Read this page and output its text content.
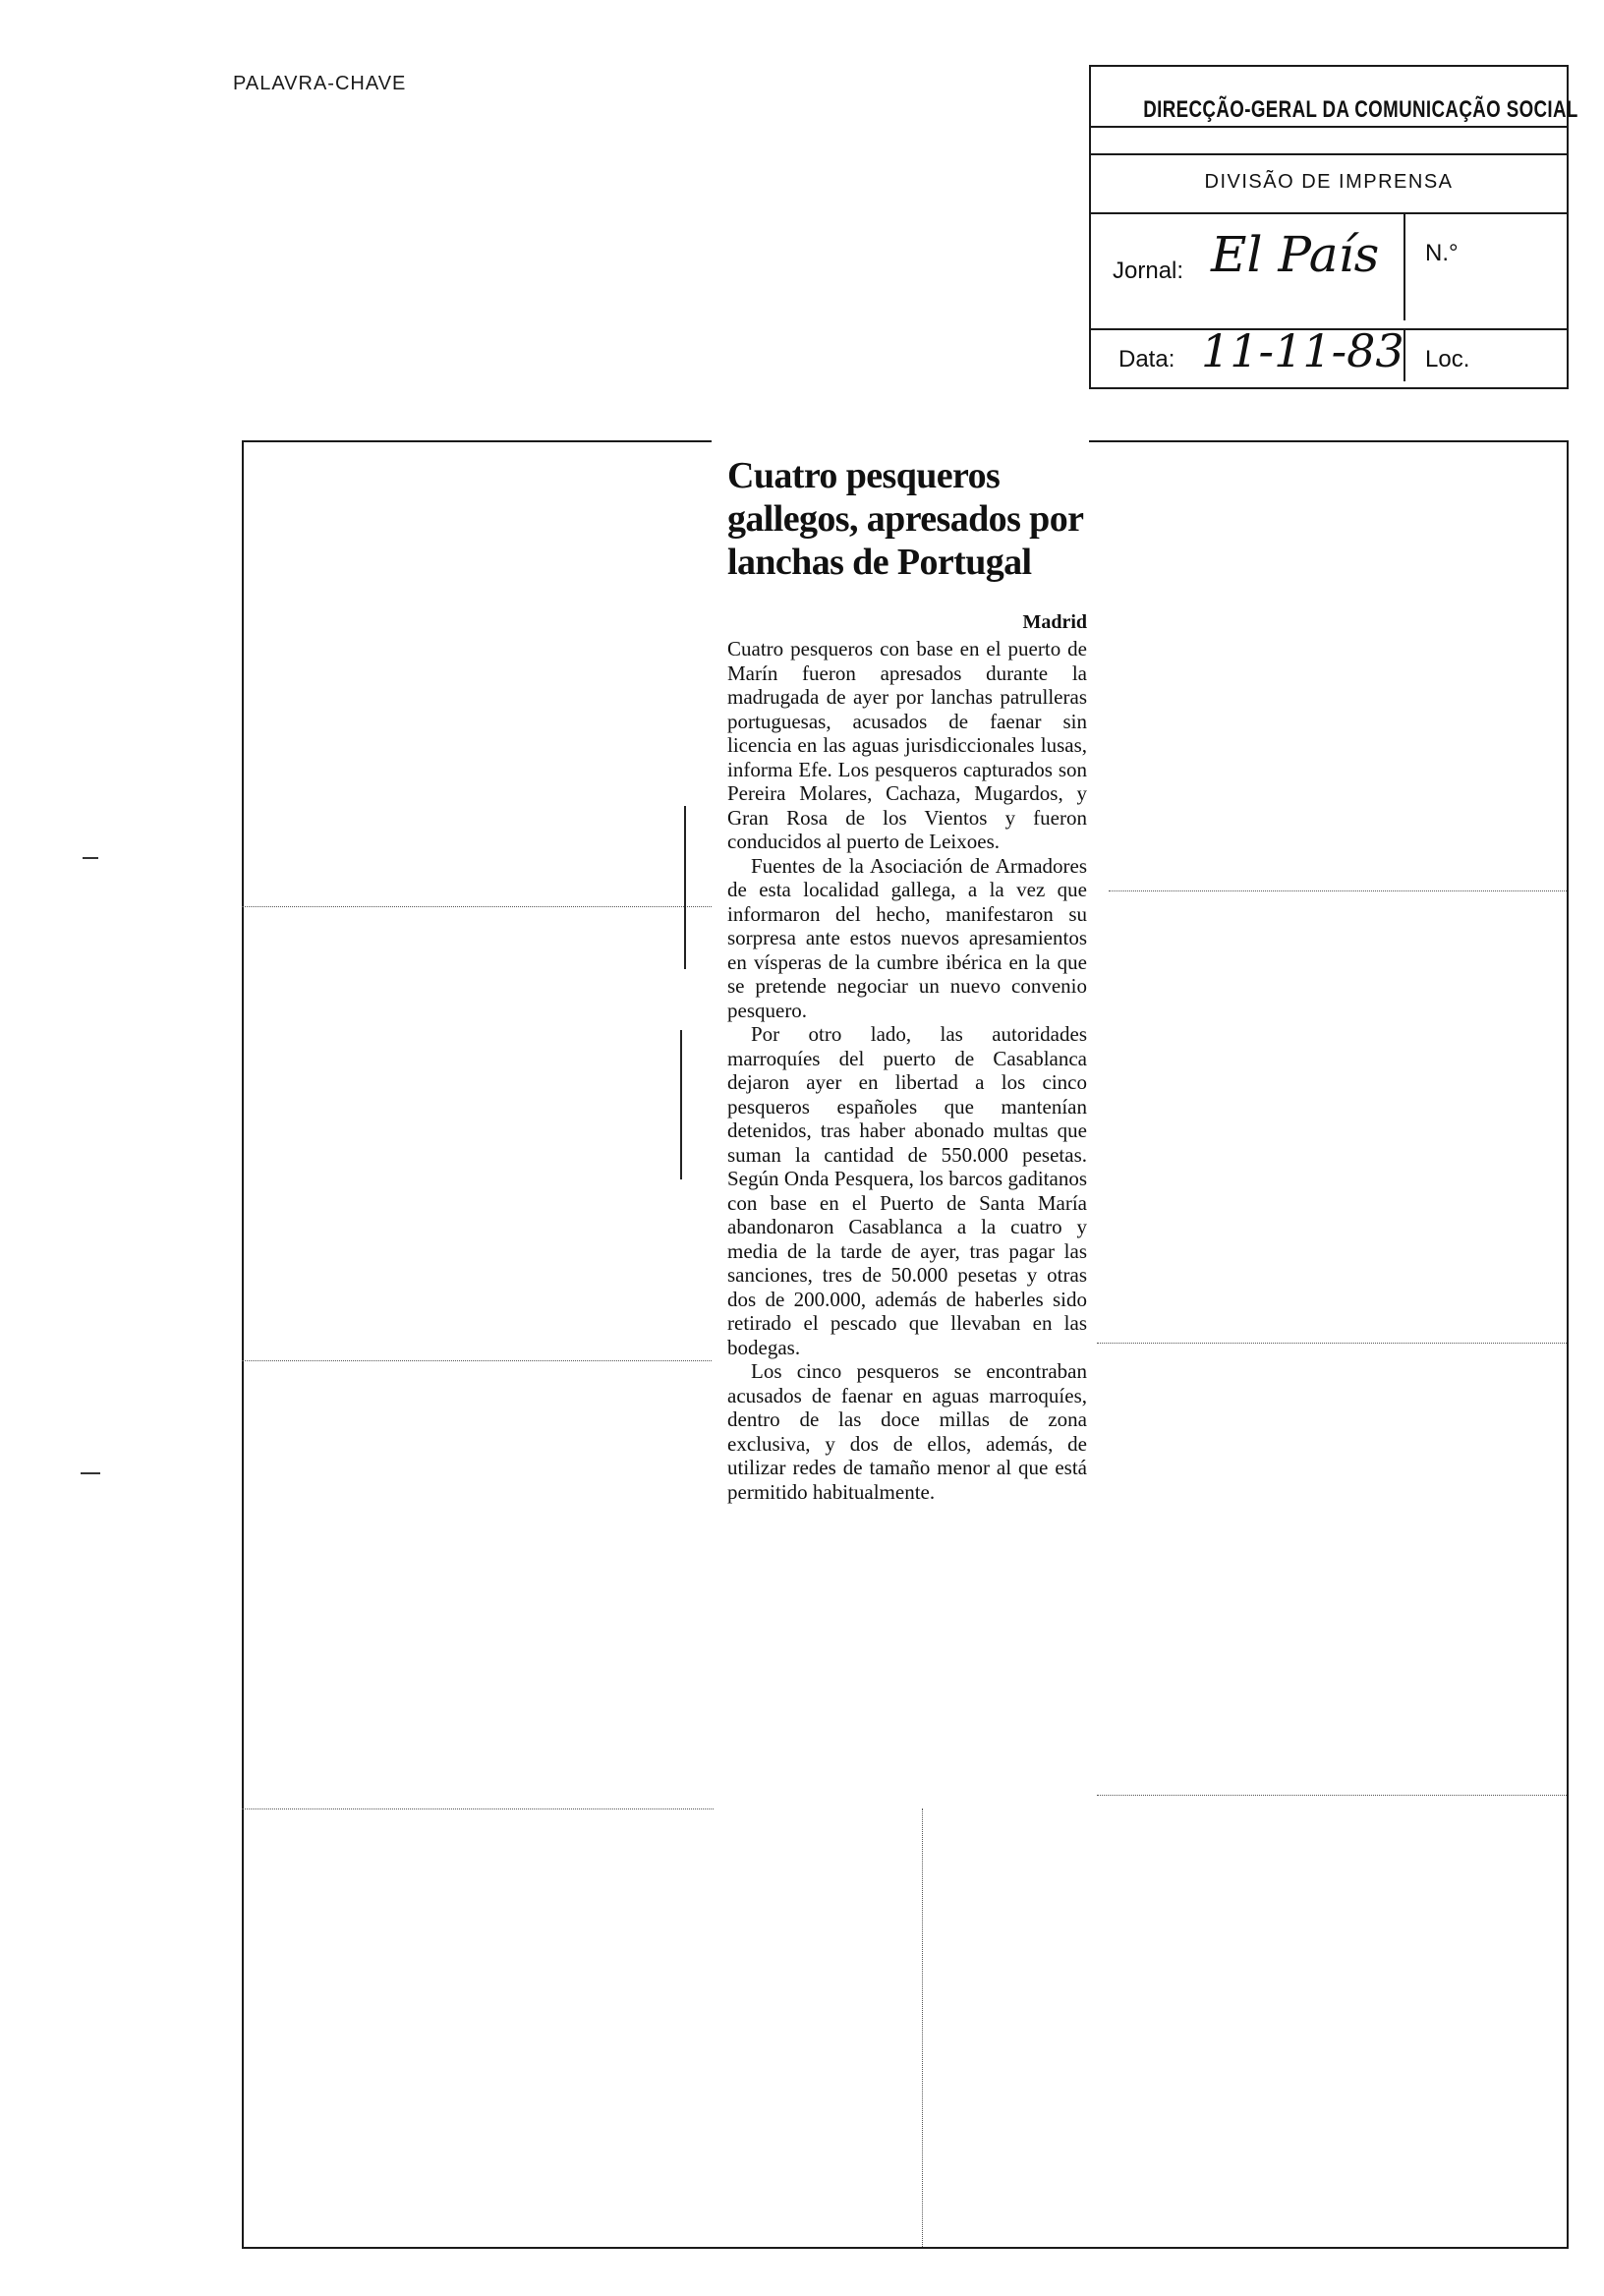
PALAVRA-CHAVE
DIRECÇÃO-GERAL DA COMUNICAÇÃO SOCIAL
DIVISÃO DE IMPRENSA
Jornal: El País N.°
Data: 11-11-83 Loc.
Cuatro pesqueros gallegos, apresados por lanchas de Portugal
Madrid

Cuatro pesqueros con base en el puerto de Marín fueron apresados durante la madrugada de ayer por lanchas patrulleras portuguesas, acusados de faenar sin licencia en las aguas jurisdiccionales lusas, informa Efe. Los pesqueros capturados son Pereira Molares, Cachaza, Mugardos, y Gran Rosa de los Vientos y fueron conducidos al puerto de Leixoes.

Fuentes de la Asociación de Armadores de esta localidad gallega, a la vez que informaron del hecho, manifestaron su sorpresa ante estos nuevos apresamientos en vísperas de la cumbre ibérica en la que se pretende negociar un nuevo convenio pesquero.

Por otro lado, las autoridades marroquíes del puerto de Casablanca dejaron ayer en libertad a los cinco pesqueros españoles que mantenían detenidos, tras haber abonado multas que suman la cantidad de 550.000 pesetas. Según Onda Pesquera, los barcos gaditanos con base en el Puerto de Santa María abandonaron Casablanca a la cuatro y media de la tarde de ayer, tras pagar las sanciones, tres de 50.000 pesetas y otras dos de 200.000, además de haberles sido retirado el pescado que llevaban en las bodegas.

Los cinco pesqueros se encontraban acusados de faenar en aguas marroquíes, dentro de las doce millas de zona exclusiva, y dos de ellos, además, de utilizar redes de tamaño menor al que está permitido habitualmente.
